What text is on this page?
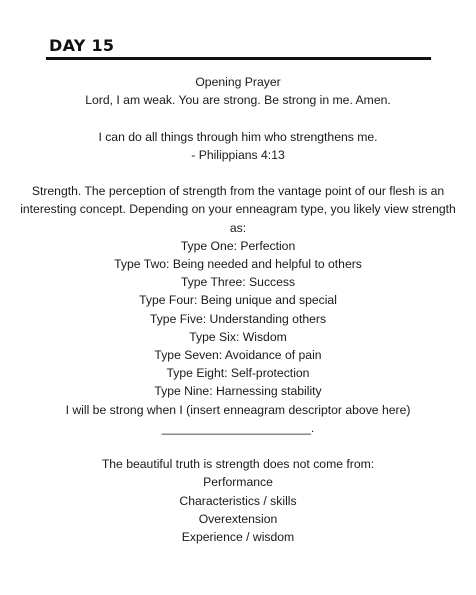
DAY 15
Opening Prayer
Lord, I am weak. You are strong. Be strong in me. Amen.
I can do all things through him who strengthens me.
- Philippians 4:13
Strength. The perception of strength from the vantage point of our flesh is an interesting concept. Depending on your enneagram type, you likely view strength as:
Type One: Perfection
Type Two: Being needed and helpful to others
Type Three: Success
Type Four: Being unique and special
Type Five: Understanding others
Type Six: Wisdom
Type Seven: Avoidance of pain
Type Eight: Self-protection
Type Nine: Harnessing stability
I will be strong when I (insert enneagram descriptor above here)
______________________.
The beautiful truth is strength does not come from:
Performance
Characteristics / skills
Overextension
Experience / wisdom
